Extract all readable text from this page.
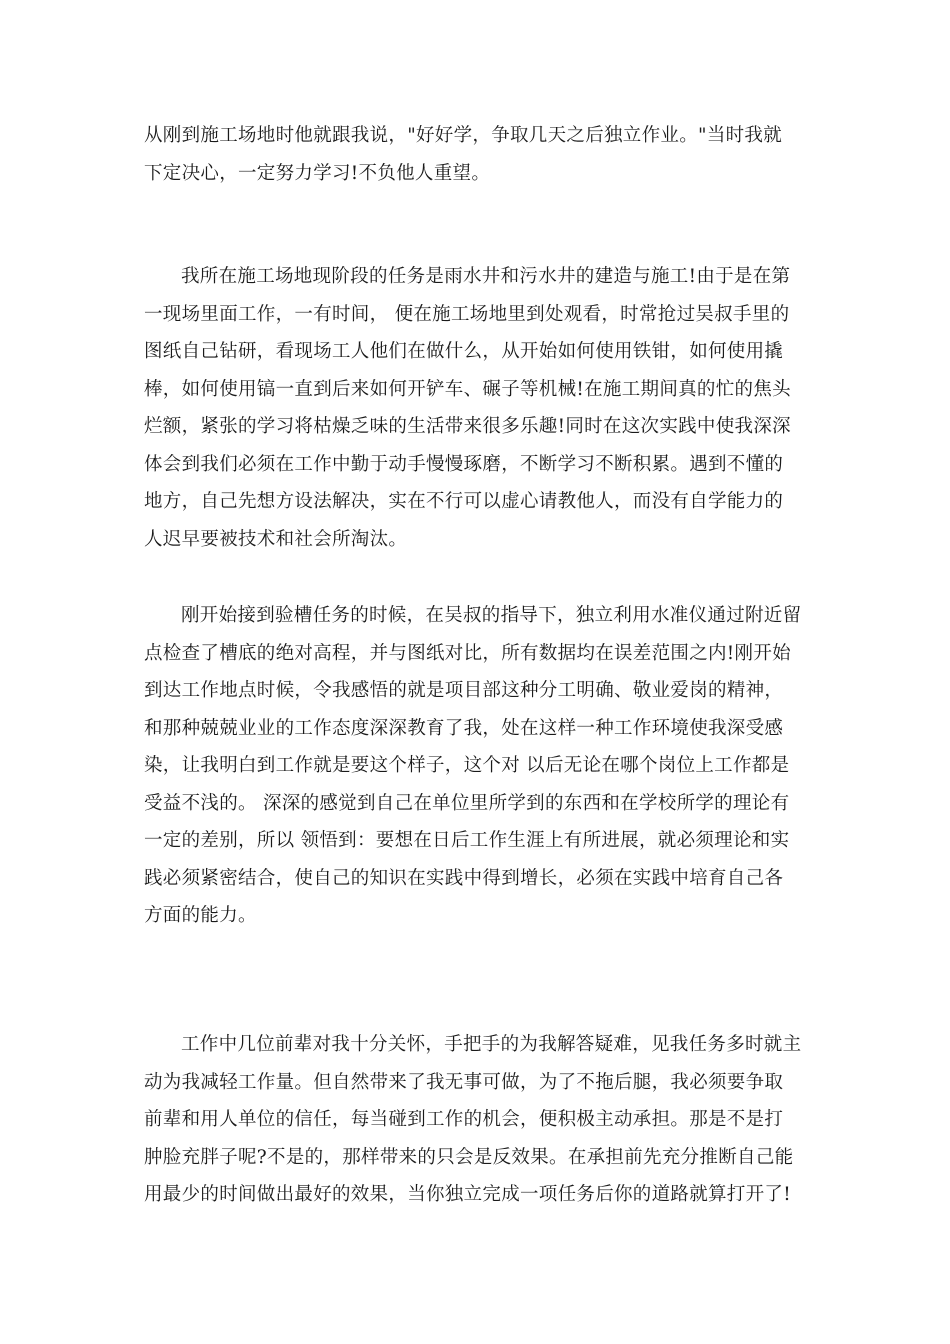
从刚到施工场地时他就跟我说，"好好学，争取几天之后独立作业。"当时我就
下定决心，一定努力学习!不负他人重望。
我所在施工场地现阶段的任务是雨水井和污水井的建造与施工!由于是在第
一现场里面工作，一有时间， 便在施工场地里到处观看，时常抢过吴叔手里的
图纸自己钻研，看现场工人他们在做什么，从开始如何使用铁钳，如何使用撬
棒，如何使用镐一直到后来如何开铲车、碾子等机械!在施工期间真的忙的焦头
烂额，紧张的学习将枯燥乏味的生活带来很多乐趣!同时在这次实践中使我深深
体会到我们必须在工作中勤于动手慢慢琢磨，不断学习不断积累。遇到不懂的
地方，自己先想方设法解决，实在不行可以虚心请教他人，而没有自学能力的
人迟早要被技术和社会所淘汰。
刚开始接到验槽任务的时候，在吴叔的指导下，独立利用水准仪通过附近留
点检查了槽底的绝对高程，并与图纸对比，所有数据均在误差范围之内!刚开始
到达工作地点时候，令我感悟的就是项目部这种分工明确、敬业爱岗的精神，
和那种兢兢业业的工作态度深深教育了我，处在这样一种工作环境使我深受感
染，让我明白到工作就是要这个样子，这个对 以后无论在哪个岗位上工作都是
受益不浅的。 深深的感觉到自己在单位里所学到的东西和在学校所学的理论有
一定的差别，所以 领悟到：要想在日后工作生涯上有所进展，就必须理论和实
践必须紧密结合，使自己的知识在实践中得到增长，必须在实践中培育自己各
方面的能力。
工作中几位前辈对我十分关怀，手把手的为我解答疑难，见我任务多时就主
动为我减轻工作量。但自然带来了我无事可做，为了不拖后腿，我必须要争取
前辈和用人单位的信任，每当碰到工作的机会，便积极主动承担。那是不是打
肿脸充胖子呢?不是的，那样带来的只会是反效果。在承担前先充分推断自己能
用最少的时间做出最好的效果，当你独立完成一项任务后你的道路就算打开了!
